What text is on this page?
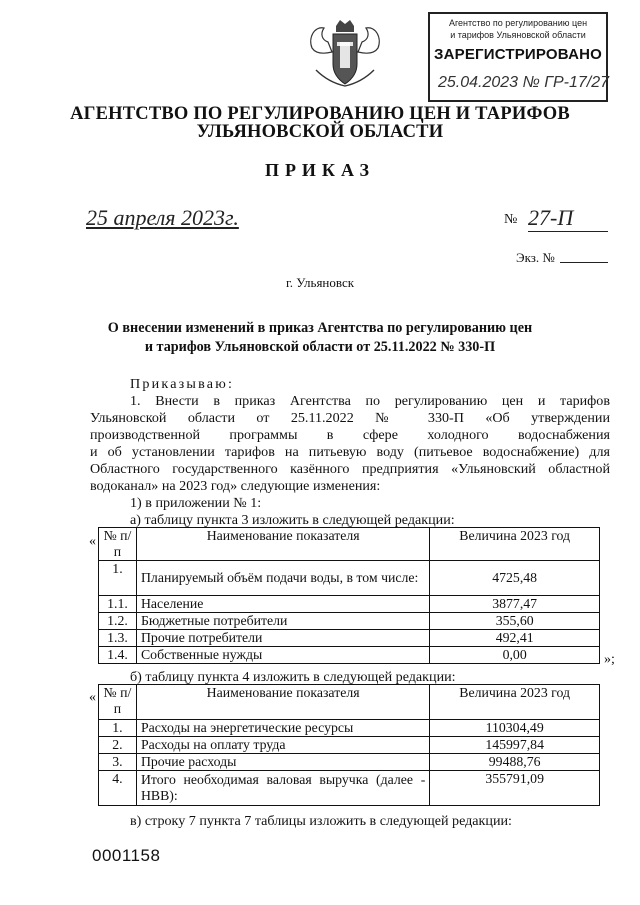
Агентство по регулированию цен
и тарифов Ульяновской области
ЗАРЕГИСТРИРОВАНО
25.04.2023 № ГР-17/27
АГЕНТСТВО ПО РЕГУЛИРОВАНИЮ ЦЕН И ТАРИФОВ
УЛЬЯНОВСКОЙ ОБЛАСТИ
ПРИКАЗ
25 апреля 2023г.	№ 27-П
Экз. №
г. Ульяновск
О внесении изменений в приказ Агентства по регулированию цен
и тарифов Ульяновской области от 25.11.2022 № 330-П
Приказываю:
1. Внести в приказ Агентства по регулированию цен и тарифов
Ульяновской области от 25.11.2022 № 330-П «Об утверждении
производственной программы в сфере холодного водоснабжения
и об установлении тарифов на питьевую воду (питьевое водоснабжение) для
Областного государственного казённого предприятия «Ульяновский областной
водоканал» на 2023 год» следующие изменения:
1) в приложении № 1:
а) таблицу пункта 3 изложить в следующей редакции:
« № п/п	Наименование показателя	Величина 2023 год
1.	Планируемый объём подачи воды, в том числе:	4725,48
1.1.	Население	3877,47
1.2.	Бюджетные потребители	355,60
1.3.	Прочие потребители	492,41
1.4.	Собственные нужды	0,00	»;
б) таблицу пункта 4 изложить в следующей редакции:
« № п/п	Наименование показателя	Величина 2023 год
1.	Расходы на энергетические ресурсы	110304,49
2.	Расходы на оплату труда	145997,84
3.	Прочие расходы	99488,76
4.	Итого необходимая валовая выручка (далее - НВВ):	355791,09
в) строку 7 пункта 7 таблицы изложить в следующей редакции:
0001158
